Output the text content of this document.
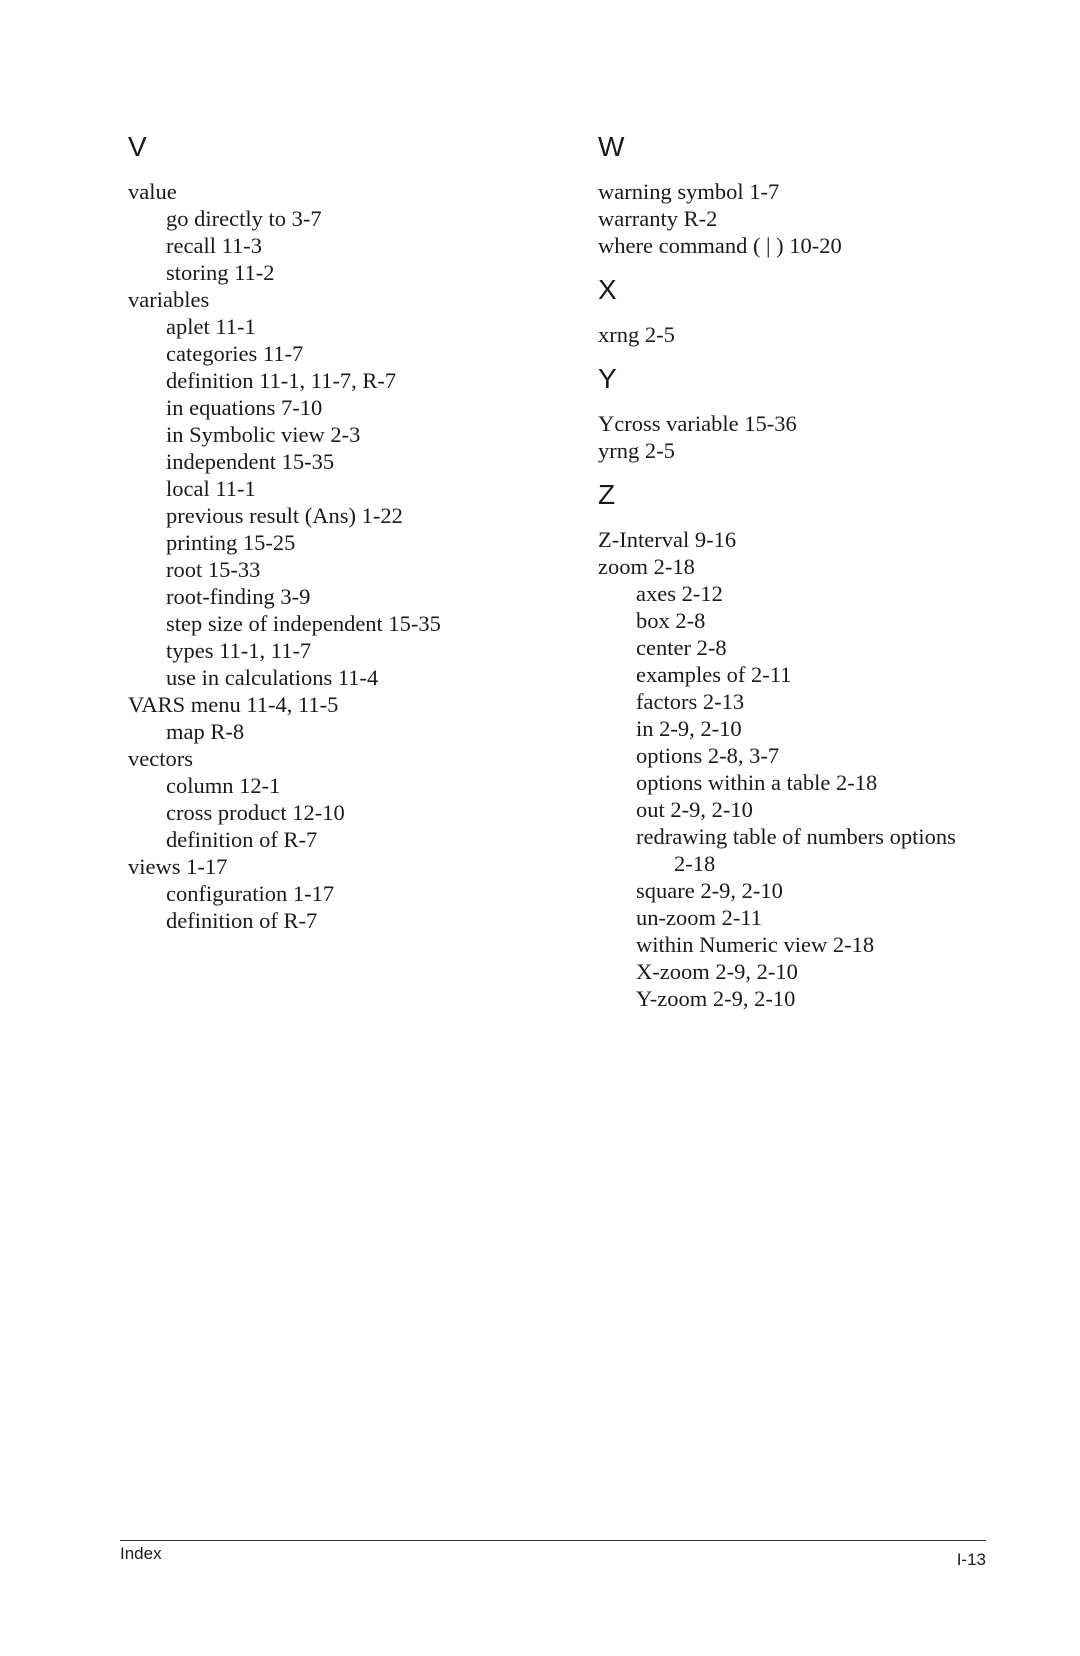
V
value
go directly to 3-7
recall 11-3
storing 11-2
variables
aplet 11-1
categories 11-7
definition 11-1, 11-7, R-7
in equations 7-10
in Symbolic view 2-3
independent 15-35
local 11-1
previous result (Ans) 1-22
printing 15-25
root 15-33
root-finding 3-9
step size of independent 15-35
types 11-1, 11-7
use in calculations 11-4
VARS menu 11-4, 11-5
map R-8
vectors
column 12-1
cross product 12-10
definition of R-7
views 1-17
configuration 1-17
definition of R-7
W
warning symbol 1-7
warranty R-2
where command ( | ) 10-20
X
xrng 2-5
Y
Ycross variable 15-36
yrng 2-5
Z
Z-Interval 9-16
zoom 2-18
axes 2-12
box 2-8
center 2-8
examples of 2-11
factors 2-13
in 2-9, 2-10
options 2-8, 3-7
options within a table 2-18
out 2-9, 2-10
redrawing table of numbers options
2-18
square 2-9, 2-10
un-zoom 2-11
within Numeric view 2-18
X-zoom 2-9, 2-10
Y-zoom 2-9, 2-10
Index	I-13
